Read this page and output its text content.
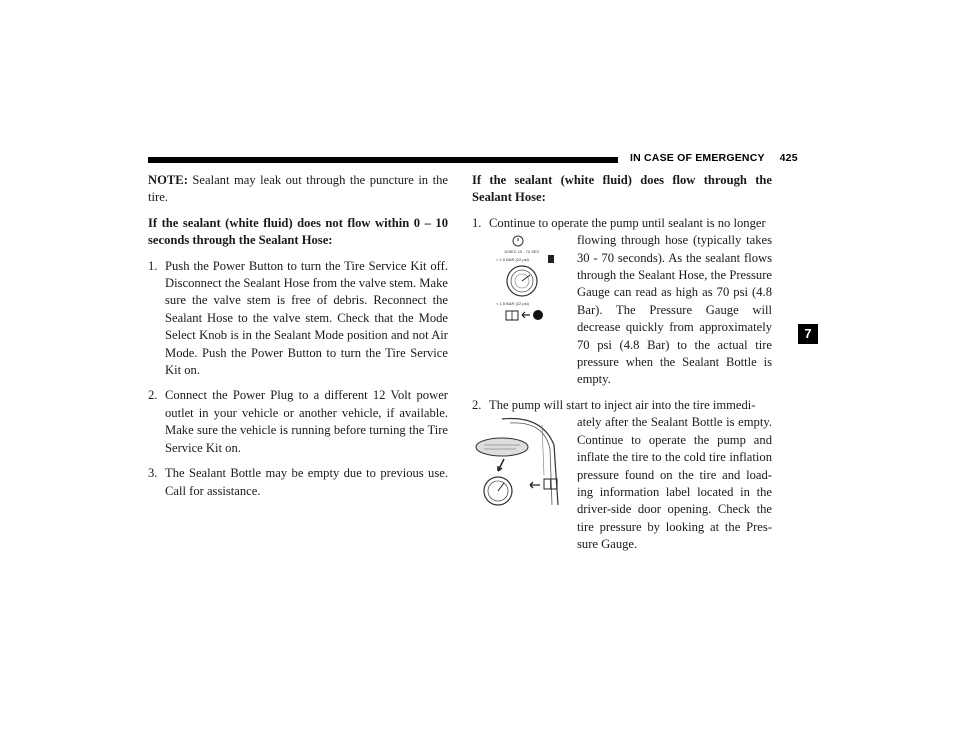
IN CASE OF EMERGENCY 425
7

NOTE: Sealant may leak out through the puncture in the tire.

If the sealant (white fluid) does not flow within 0 – 10 seconds through the Sealant Hose:

1. Push the Power Button to turn the Tire Service Kit off. Disconnect the Sealant Hose from the valve stem. Make sure the valve stem is free of debris. Reconnect the Sealant Hose to the valve stem. Check that the Mode Select Knob is in the Sealant Mode position and not Air Mode. Push the Power Button to turn the Tire Service Kit on.
2. Connect the Power Plug to a different 12 Volt power outlet in your vehicle or another vehicle, if available. Make sure the vehicle is running before turning the Tire Service Kit on.
3. The Sealant Bottle may be empty due to previous use. Call for assistance.

If the sealant (white fluid) does flow through the Sealant Hose:

1. Continue to operate the pump until sealant is no longer
flowing through hose (typically takes 30 - 70 seconds). As the sealant flows through the Sealant Hose, the Pressure Gauge can read as high as 70 psi (4.8 Bar). The Pressure Gauge will decrease quickly from approximately 70 psi (4.8 Bar) to the actual tire pressure when the Sealant Bottle is empty.
10SEC 10 - 70 SEC
> 1.5 BAR (22 psi)
< 1.5 BAR (22 psi)
2. The pump will start to inject air into the tire immedi-
ately after the Sealant Bottle is empty. Continue to operate the pump and inflate the tire to the cold tire inflation pressure found on the tire and load-ing information label located in the driver-side door opening. Check the tire pressure by looking at the Pres-sure Gauge.
